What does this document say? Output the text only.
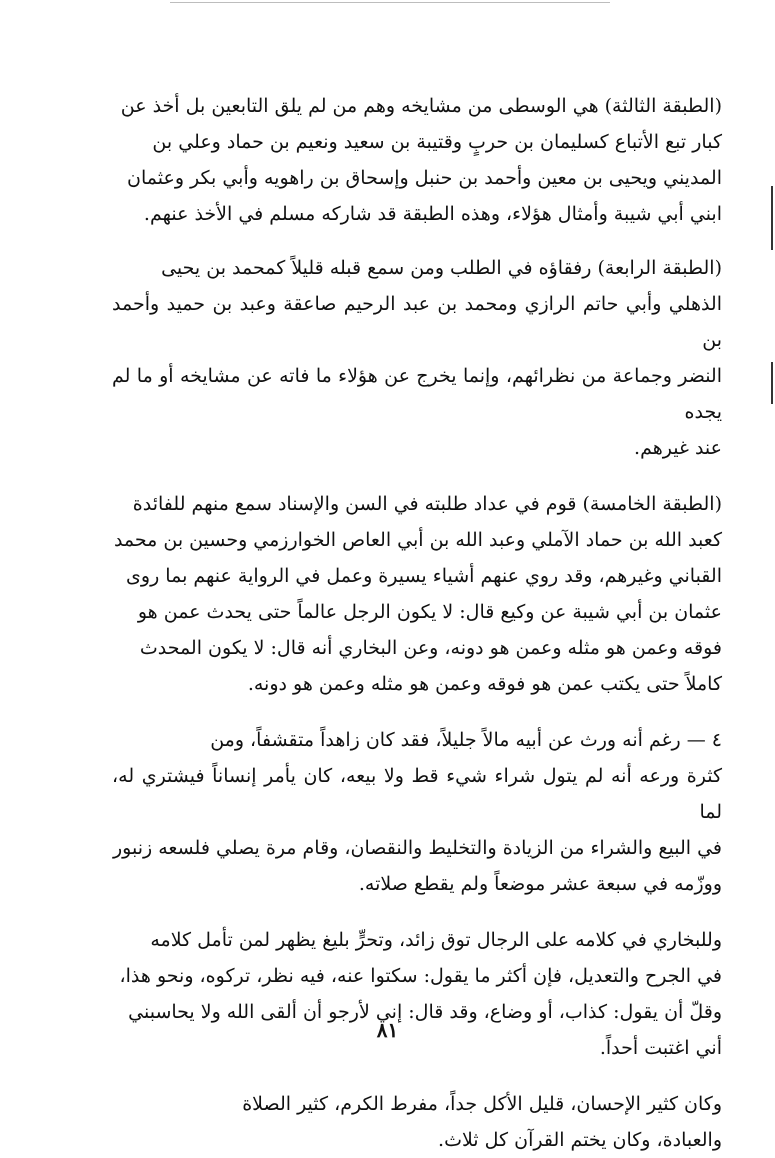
(الطبقة الثالثة) هي الوسطى من مشايخه وهم من لم يلق التابعين بل أخذ عن
كبار تبع الأتباع كسليمان بن حربٍ وقتيبة بن سعيد ونعيم بن حماد وعلي بن
المديني ويحيى بن معين وأحمد بن حنبل وإسحاق بن راهويه وأبي بكر وعثمان
ابني أبي شيبة وأمثال هؤلاء، وهذه الطبقة قد شاركه مسلم في الأخذ عنهم.

(الطبقة الرابعة) رفقاؤه في الطلب ومن سمع قبله قليلاً كمحمد بن يحيى
الذهلي وأبي حاتم الرازي ومحمد بن عبد الرحيم صاعقة وعبد بن حميد وأحمد بن
النضر وجماعة من نظرائهم، وإنما يخرج عن هؤلاء ما فاته عن مشايخه أو ما لم يجده
عند غيرهم.

(الطبقة الخامسة) قوم في عداد طلبته في السن والإسناد سمع منهم للفائدة
كعبد الله بن حماد الآملي وعبد الله بن أبي العاص الخوارزمي وحسين بن محمد
القباني وغيرهم، وقد روي عنهم أشياء يسيرة وعمل في الرواية عنهم بما روى
عثمان بن أبي شيبة عن وكيع قال: لا يكون الرجل عالماً حتى يحدث عمن هو
فوقه وعمن هو مثله وعمن هو دونه، وعن البخاري أنه قال: لا يكون المحدث
كاملاً حتى يكتب عمن هو فوقه وعمن هو مثله وعمن هو دونه.

٤ — رغم أنه ورث عن أبيه مالاً جليلاً، فقد كان زاهداً متقشفاً، ومن
كثرة ورعه أنه لم يتول شراء شيء قط ولا بيعه، كان يأمر إنساناً فيشتري له، لما
في البيع والشراء من الزيادة والتخليط والنقصان، وقام مرة يصلي فلسعه زنبور
ووزّمه في سبعة عشر موضعاً ولم يقطع صلاته.

وللبخاري في كلامه على الرجال توق زائد، وتحرٍّ بليغ يظهر لمن تأمل كلامه
في الجرح والتعديل، فإن أكثر ما يقول: سكتوا عنه، فيه نظر، تركوه، ونحو هذا،
وقلّ أن يقول: كذاب، أو وضاع، وقد قال: إني لأرجو أن ألقى الله ولا يحاسبني
أني اغتبت أحداً.

وكان كثير الإحسان، قليل الأكل جداً، مفرط الكرم، كثير الصلاة
والعبادة، وكان يختم القرآن كل ثلاث.

٨١
